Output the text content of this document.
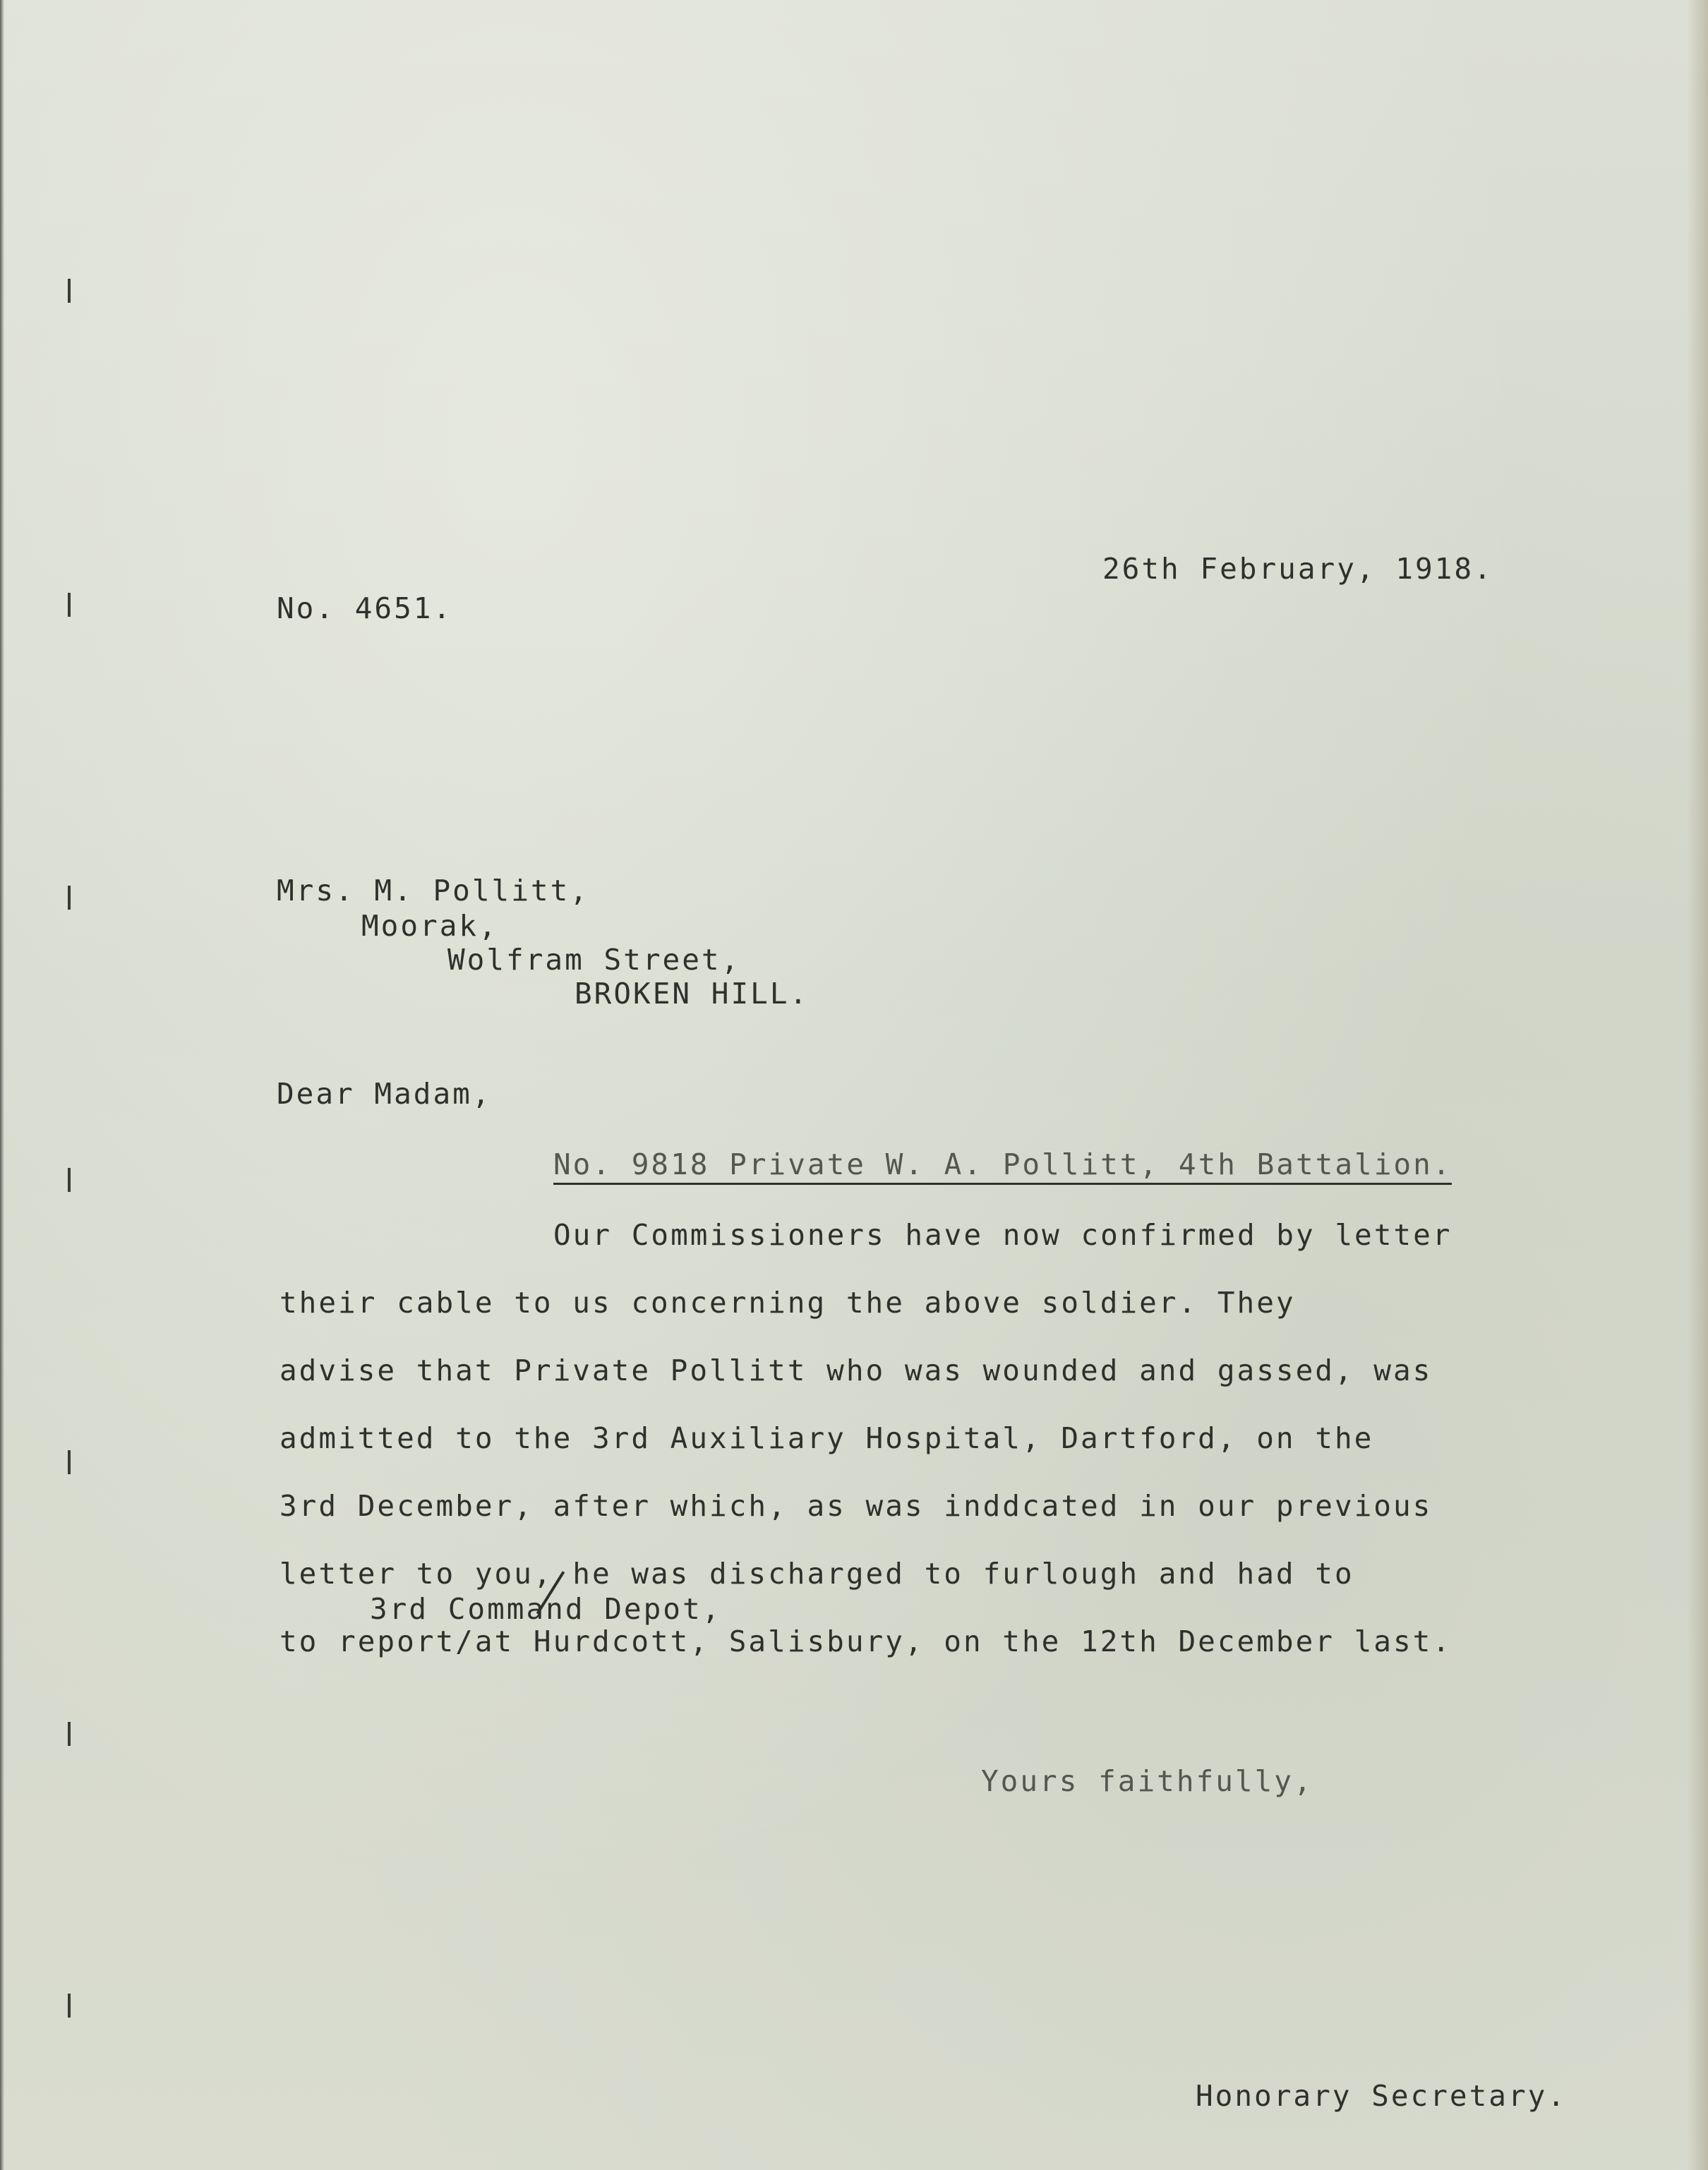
26th February, 1918.

No. 4651.

Mrs. M. Pollitt,

Moorak,

Wolfram Street,

BROKEN HILL.

Dear Madam,

No. 9818 Private W. A. Pollitt, 4th Battalion.

Our Commissioners have now confirmed by letter

their cable to us concerning the above soldier. They

advise that Private Pollitt who was wounded and gassed, was

admitted to the 3rd Auxiliary Hospital, Dartford, on the

3rd December, after which, as was inddcated in our previous

letter to you, he was discharged to furlough and had to

3rd Command Depot,

to report/at Hurdcott, Salisbury, on the 12th December last.

Yours faithfully,

Honorary Secretary.
